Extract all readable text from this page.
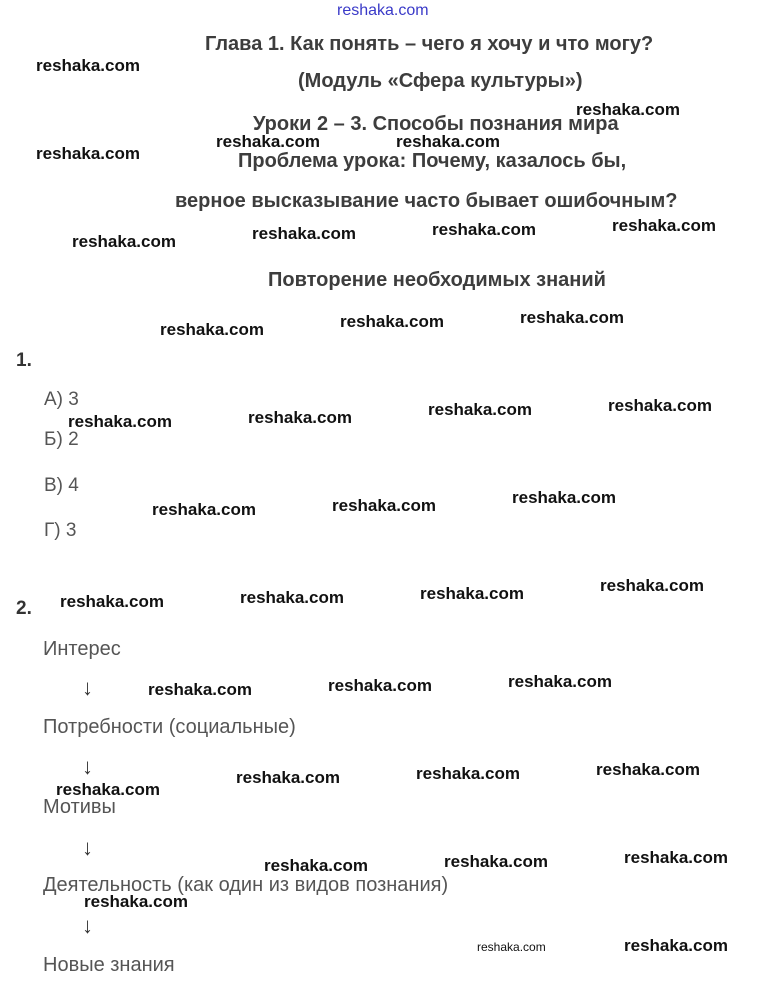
reshaka.com
Глава 1. Как понять – чего я хочу и что могу?
(Модуль «Сфера культуры»)
Уроки 2 – 3. Способы познания мира
Проблема урока: Почему, казалось бы,
верное высказывание часто бывает ошибочным?
Повторение необходимых знаний
1.
А) 3
Б) 2
В) 4
Г) 3
2.
Интерес
↓
Потребности (социальные)
↓
Мотивы
↓
Деятельность (как один из видов познания)
↓
Новые знания
reshaka.com
reshaka.com
reshaka.com	reshaka.com
reshaka.com
reshaka.com
reshaka.com
reshaka.com
reshaka.com
reshaka.com
reshaka.com
reshaka.com
reshaka.com
reshaka.com
reshaka.com
reshaka.com
reshaka.com
reshaka.com
reshaka.com
reshaka.com
reshaka.com
reshaka.com
reshaka.com
reshaka.com
reshaka.com
reshaka.com
reshaka.com
reshaka.com
reshaka.com
reshaka.com
reshaka.com
reshaka.com
reshaka.com
reshaka.com
reshaka.com
reshaka.com
